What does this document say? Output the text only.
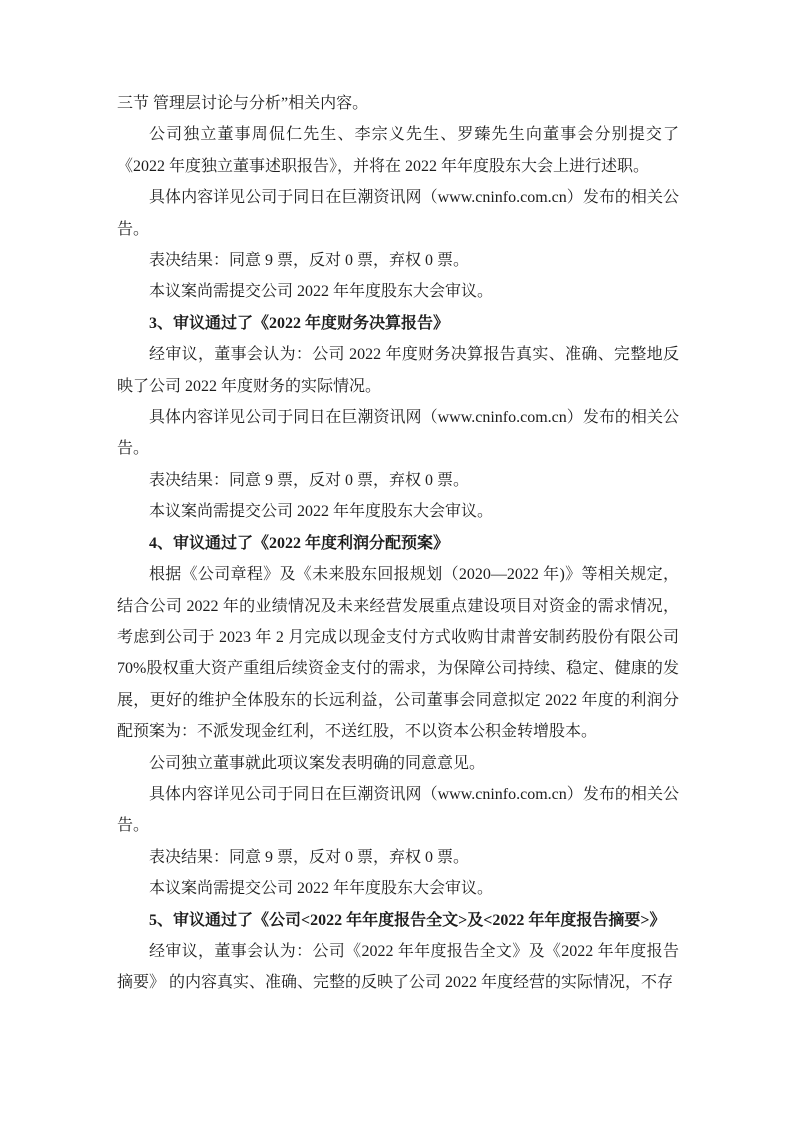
三节 管理层讨论与分析”相关内容。

公司独立董事周侃仁先生、李宗义先生、罗臻先生向董事会分别提交了《2022 年度独立董事述职报告》，并将在 2022 年年度股东大会上进行述职。

具体内容详见公司于同日在巨潮资讯网（www.cninfo.com.cn）发布的相关公告。

表决结果：同意 9 票，反对 0 票，弃权 0 票。

本议案尚需提交公司 2022 年年度股东大会审议。

3、审议通过了《2022 年度财务决算报告》

经审议，董事会认为：公司 2022 年度财务决算报告真实、准确、完整地反映了公司 2022 年度财务的实际情况。

具体内容详见公司于同日在巨潮资讯网（www.cninfo.com.cn）发布的相关公告。

表决结果：同意 9 票，反对 0 票，弃权 0 票。

本议案尚需提交公司 2022 年年度股东大会审议。

4、审议通过了《2022 年度利润分配预案》

根据《公司章程》及《未来股东回报规划（2020—2022 年)》等相关规定，结合公司 2022 年的业绩情况及未来经营发展重点建设项目对资金的需求情况，考虑到公司于 2023 年 2 月完成以现金支付方式收购甘肃普安制药股份有限公司 70%股权重大资产重组后续资金支付的需求，为保障公司持续、稳定、健康的发展，更好的维护全体股东的长远利益，公司董事会同意拟定 2022 年度的利润分配预案为：不派发现金红利，不送红股，不以资本公积金转增股本。

公司独立董事就此项议案发表明确的同意意见。

具体内容详见公司于同日在巨潮资讯网（www.cninfo.com.cn）发布的相关公告。

表决结果：同意 9 票，反对 0 票，弃权 0 票。

本议案尚需提交公司 2022 年年度股东大会审议。

5、审议通过了《公司<2022 年年度报告全文>及<2022 年年度报告摘要>》

经审议，董事会认为：公司《2022 年年度报告全文》及《2022 年年度报告摘要》 的内容真实、准确、完整的反映了公司 2022 年度经营的实际情况，不存
